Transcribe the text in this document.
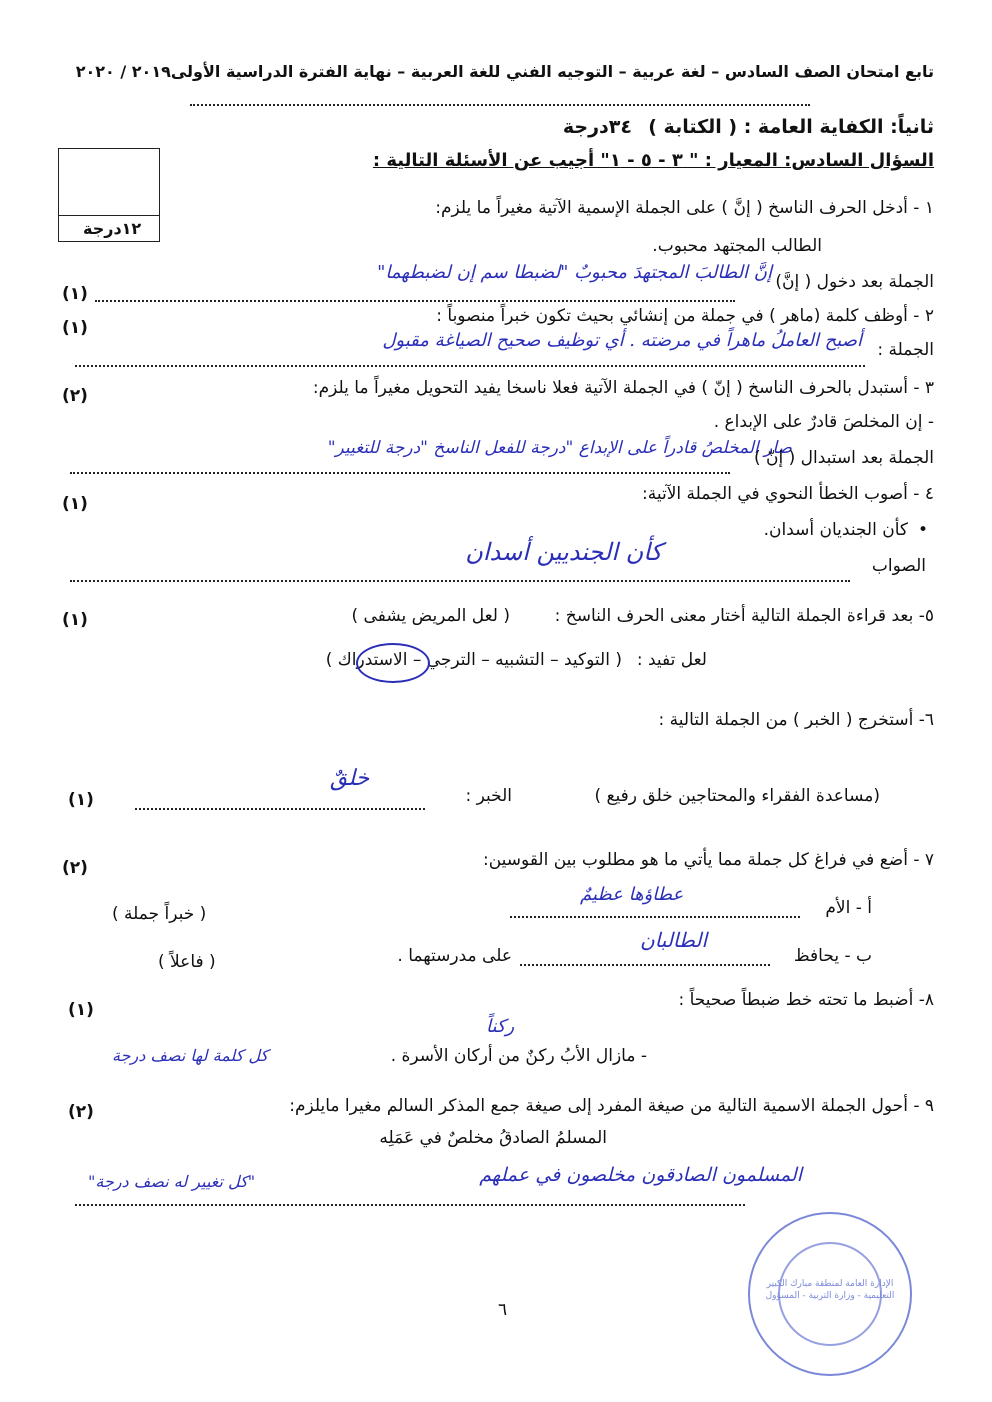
تابع امتحان الصف السادس – لغة عربية – التوجيه الفني للغة العربية – نهاية الفترة الدراسية الأولى٢٠١٩ / ٢٠٢٠
ثانياً: الكفاية العامة : ( الكتابة )
٣٤درجة
السؤال السادس: المعيار : " ٣ - ٥ - ١" أجيب عن الأسئلة التالية :
١٢درجة
١ - أدخل الحرف الناسخ ( إنَّ ) على الجملة الإسمية الآتية مغيراً ما يلزم:
الطالب المجتهد محبوب.
الجملة بعد دخول ( إنَّ)
إنَّ الطالبَ المجتهدَ محبوبٌ "لضبطا سم إن لضبطهما"
(١)
٢ - أوظف كلمة (ماهر ) في جملة من إنشائي بحيث تكون خبراً منصوباً :
(١)
الجملة :
أصبح العاملُ ماهراً في مرضته . أي توظيف صحيح الصياغة مقبول
٣ - أستبدل بالحرف الناسخ ( إنّ ) في الجملة الآتية فعلا ناسخا يفيد التحويل مغيراً ما يلزم:
(٢)
- إن المخلصَ قادرٌ على الإبداع .
صار المخلصُ قادراً على الإبداع "درجة للفعل الناسخ "درجة للتغيير"
الجملة بعد استبدال ( إنّ )
٤ - أصوب الخطأ النحوي في الجملة الآتية:
(١)
•
كأن الجنديان أسدان.
كأن الجنديين أسدان	الصواب
٥- بعد قراءة الجملة التالية أختار معنى الحرف الناسخ :
( لعل المريض يشفى )
(١)
لعل تفيد :
( التوكيد – التشبيه – الترجي – الاستدراك )
٦- أستخرج ( الخبر ) من الجملة التالية :
خلقٌ
(مساعدة الفقراء والمحتاجين خلق رفيع )
الخبر :
(١)
٧ - أضع في فراغ كل جملة مما يأتي ما هو مطلوب بين القوسين:
(٢)
أ - الأم
عطاؤها عظيمٌ
( خبراً جملة )
ب - يحافظ
الطالبان
على مدرستهما .
( فاعلاً )
٨- أضبط ما تحته خط ضبطاً صحيحاً :
(١)
ركناً
كل كلمة لها نصف درجة	- مازال الأبُ ركنٌ من أركان الأسرة .
٩ - أحول الجملة الاسمية التالية من صيغة المفرد إلى صيغة جمع المذكر السالم مغيرا مايلزم:
(٢)
المسلمُ الصادقُ مخلصٌ في عَمَلِه
المسلمون الصادقون مخلصون في عملهم
"كل تغيير له نصف درجة"
٦
الإدارة العامة لمنطقة مبارك الكبير التعليمية - وزارة التربية - المسؤول
